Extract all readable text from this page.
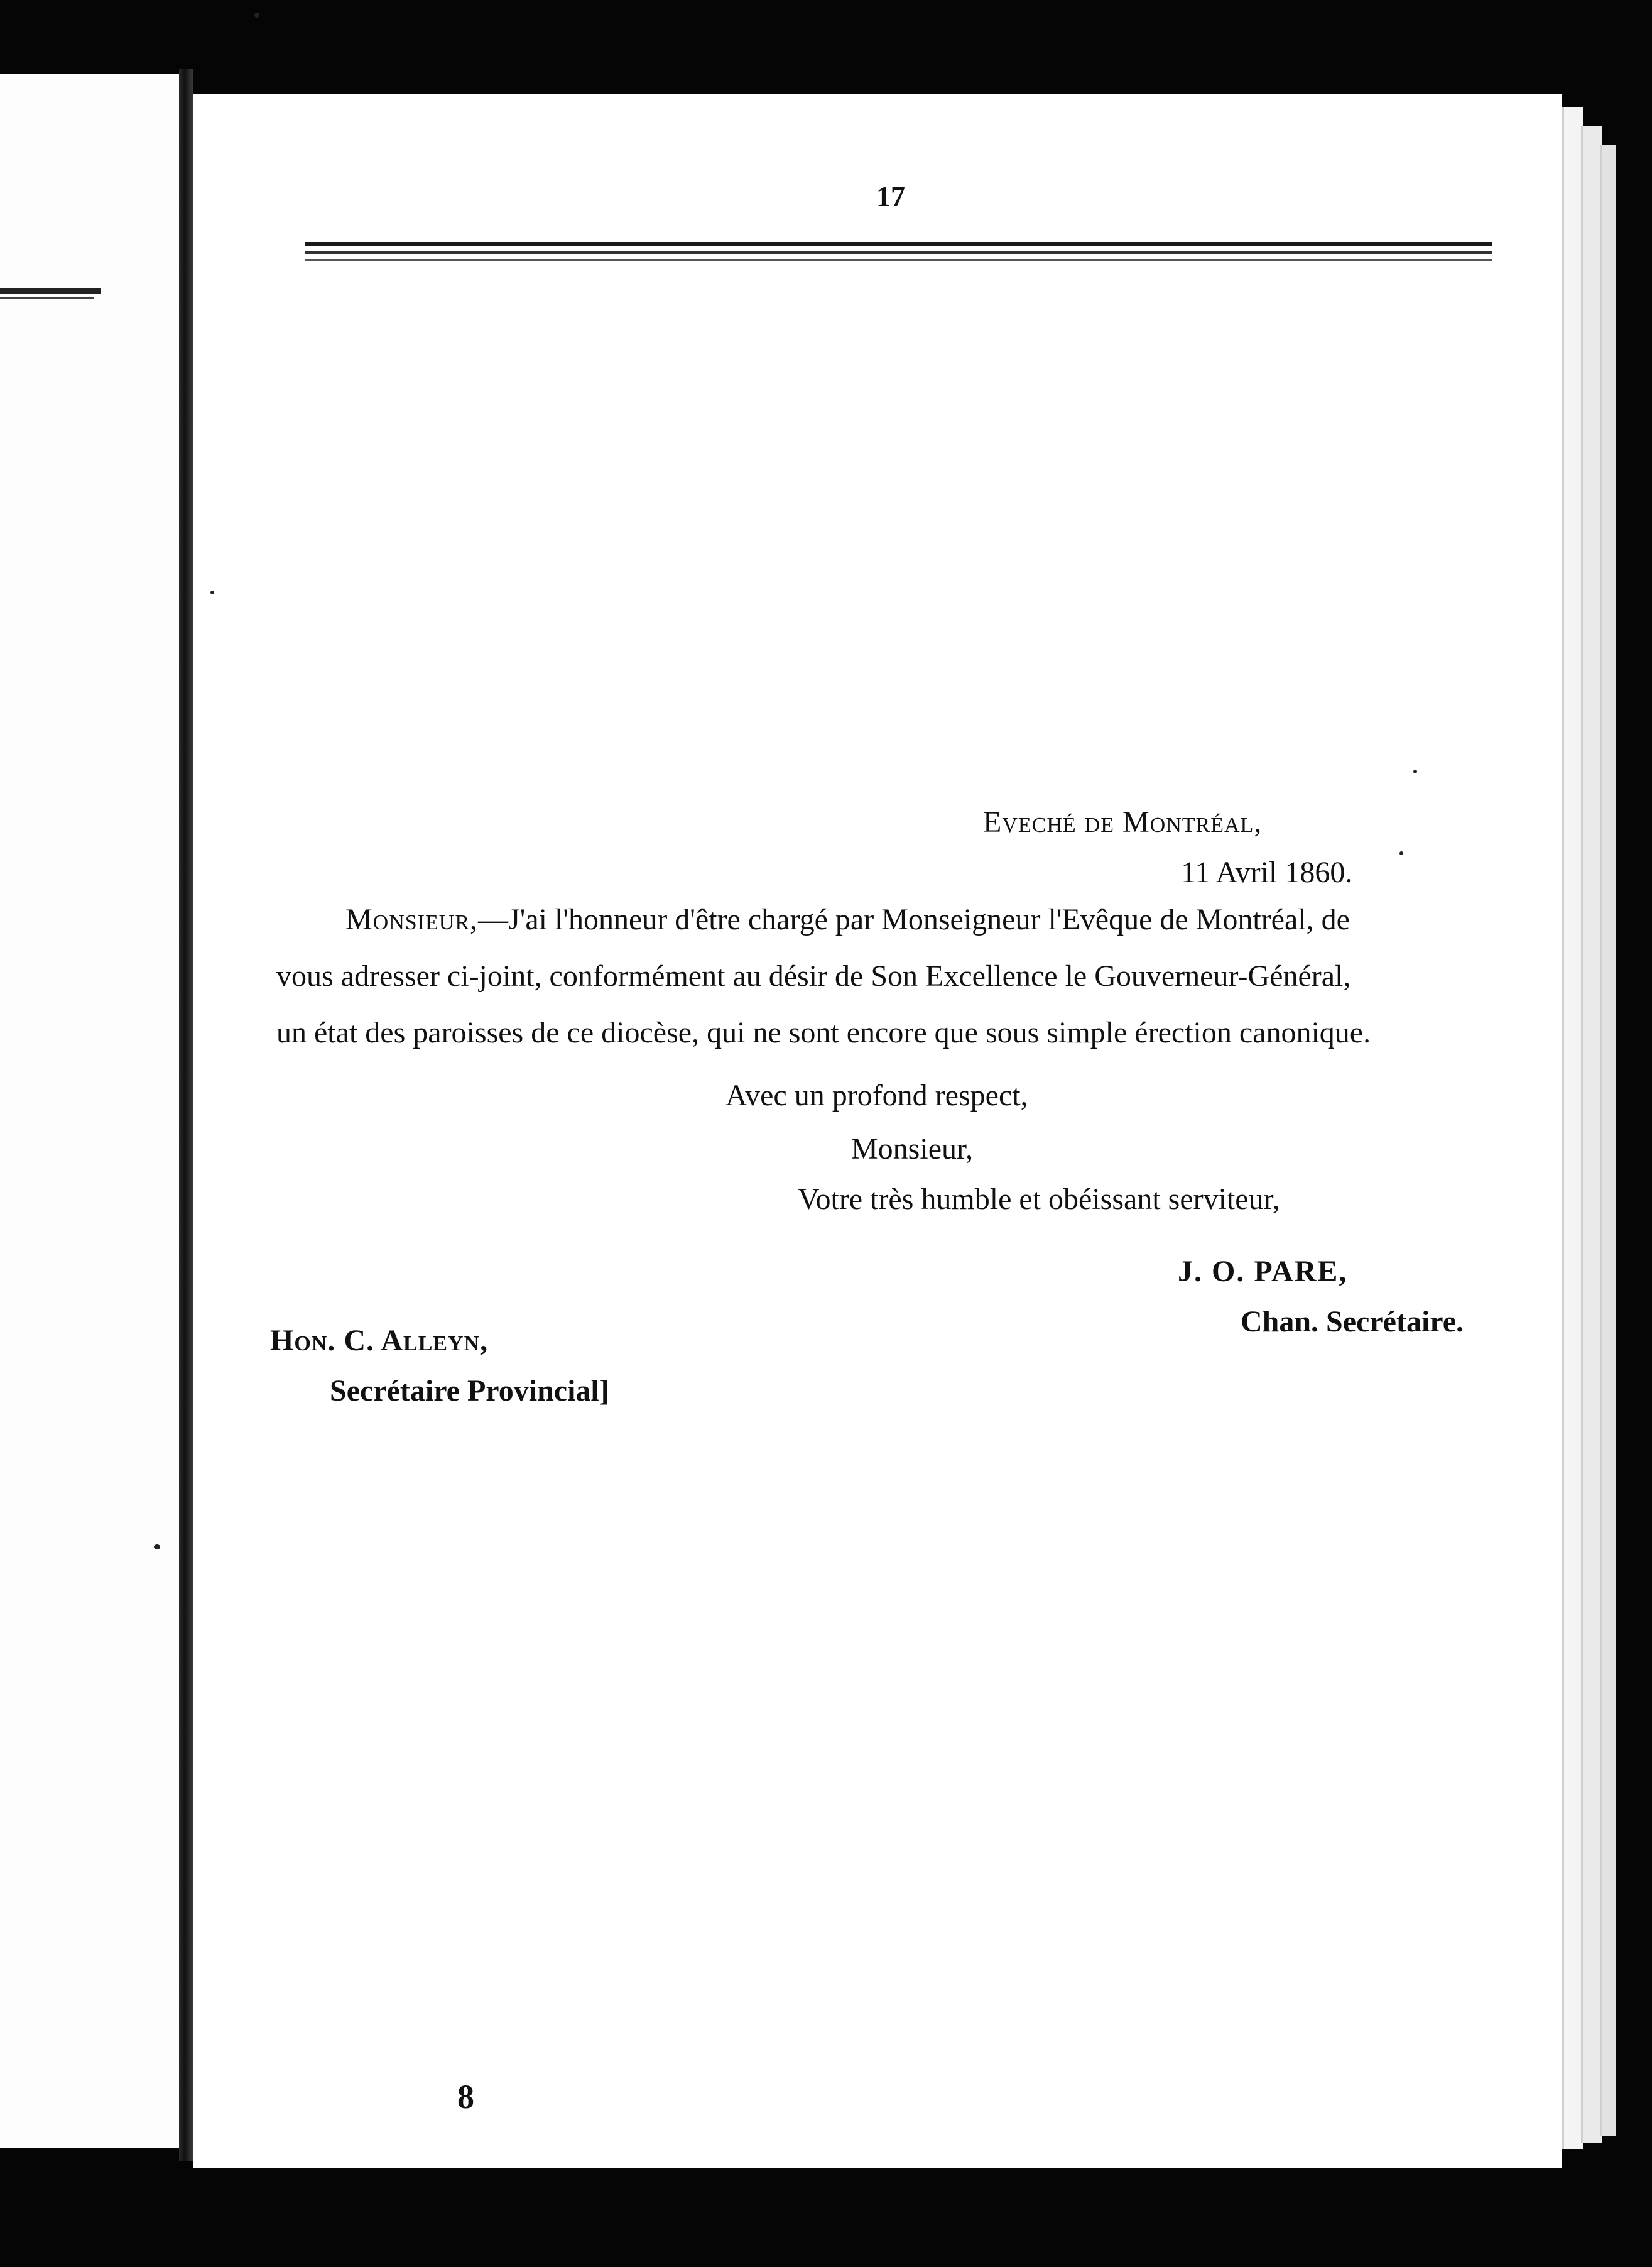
17
Eveché de Montréal,
11 Avril 1860.
Monsieur,—J'ai l'honneur d'être chargé par Monseigneur l'Evêque de Montréal, de
vous adresser ci-joint, conformément au désir de Son Excellence le Gouverneur-Général,
un état des paroisses de ce diocèse, qui ne sont encore que sous simple érection canonique.
Avec un profond respect,
Monsieur,
Votre très humble et obéissant serviteur,
J. O. PARE,
Chan. Secrétaire.
Hon. C. Alleyn,
Secrétaire Provincial]
8
